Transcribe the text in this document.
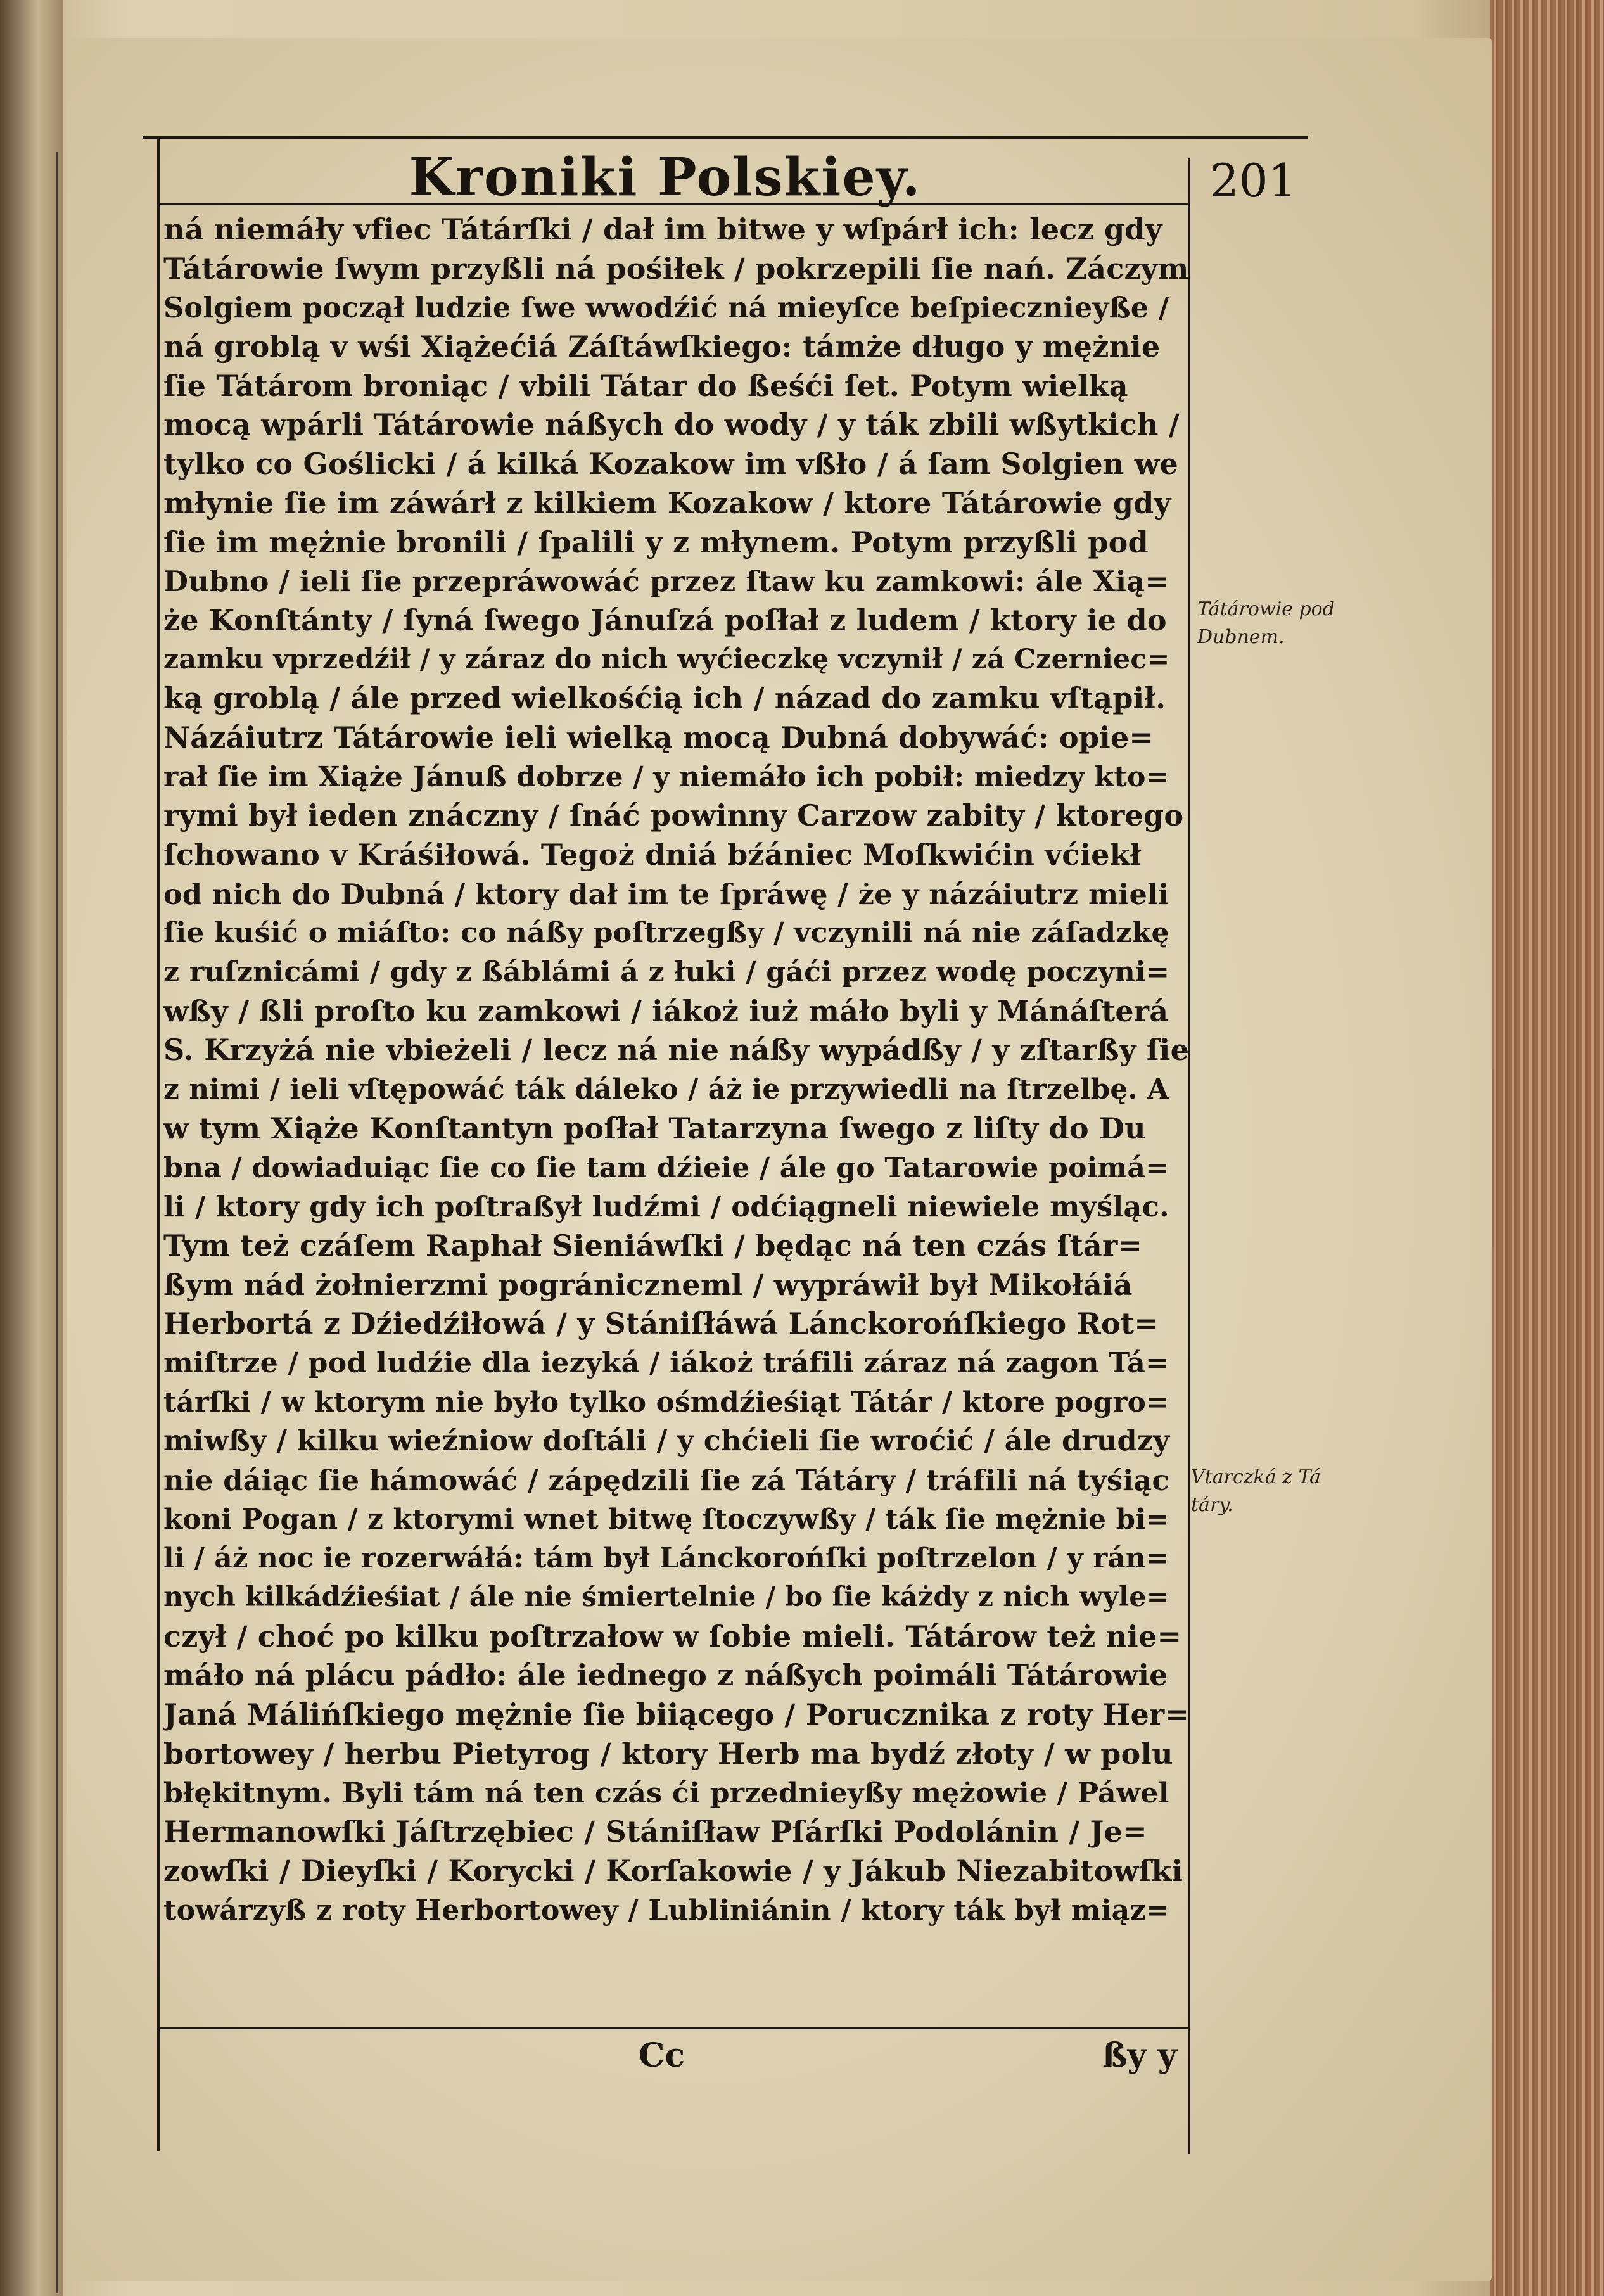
Kroniki Polskiey.	201
ná niemáły vfiec Tátárſki / dał im bitwe y wſpárł ich: lecz gdy
Tátárowie ſwym przyßli ná pośiłek / pokrzepili ſie nań. Záczym
Solgiem począł ludzie ſwe wwodźić ná mieyſce beſpiecznieyße /
ná groblą v wśi Xiążećiá Záſtáwſkiego: támże długo y mężnie
ſie Tátárom broniąc / vbili Tátar do ßeśći ſet. Potym wielką
mocą wpárli Tátárowie náßych do wody / y ták zbili wßytkich /
tylko co Goślicki / á kilká Kozakow im vßło / á ſam Solgien we
młynie ſie im záwárł z kilkiem Kozakow / ktore Tátárowie gdy
ſie im mężnie bronili / ſpalili y z młynem. Potym przyßli pod
Dubno / ieli ſie przepráwowáć przez ſtaw ku zamkowi: ále Xią=
że Konſtánty / ſyná ſwego Jánuſzá poſłał z ludem / ktory ie do
zamku vprzedźił / y záraz do nich wyćieczkę vczynił / zá Czerniec=
ką groblą / ále przed wielkośćią ich / názad do zamku vſtąpił.
Názáiutrz Tátárowie ieli wielką mocą Dubná dobywáć: opie=
rał ſie im Xiąże Jánuß dobrze / y niemáło ich pobił: miedzy kto=
rymi był ieden znáczny / ſnáć powinny Carzow zabity / ktorego
ſchowano v Kráśiłowá. Tegoż dniá bźániec Moſkwićin vćiekł
od nich do Dubná / ktory dał im te ſpráwę / że y názáiutrz mieli
ſie kuśić o miáſto: co náßy poſtrzegßy / vczynili ná nie záſadzkę
z ruſznicámi / gdy z ßáblámi á z łuki / gáći przez wodę poczyni=
wßy / ßli proſto ku zamkowi / iákoż iuż máło byli y Mánáſterá
S. Krzyżá nie vbieżeli / lecz ná nie náßy wypádßy / y zſtarßy ſie
z nimi / ieli vſtępowáć ták dáleko / áż ie przywiedli na ſtrzelbę. A
w tym Xiąże Konſtantyn poſłał Tatarzyna ſwego z liſty do Du
bna / dowiaduiąc ſie co ſie tam dźieie / ále go Tatarowie poimá=
li / ktory gdy ich poſtraßył ludźmi / odćiągneli niewiele myśląc.
Tym też czáſem Raphał Sieniáwſki / będąc ná ten czás ſtár=
ßym nád żołnierzmi pográniczneml / wypráwił był Mikołáiá
Herbortá z Dźiedźiłowá / y Stániſłáwá Lánckorońſkiego Rot=
miſtrze / pod ludźie dla iezyká / iákoż tráfili záraz ná zagon Tá=
tárſki / w ktorym nie było tylko ośmdźieśiąt Tátár / ktore pogro=
miwßy / kilku wieźniow doſtáli / y chćieli ſie wroćić / ále drudzy
nie dáiąc ſie hámowáć / zápędzili ſie zá Tátáry / tráfili ná tyśiąc
koni Pogan / z ktorymi wnet bitwę ſtoczywßy / ták ſie mężnie bi=
li / áż noc ie rozerwáłá: tám był Lánckorońſki poſtrzelon / y rán=
nych kilkádźieśiat / ále nie śmiertelnie / bo ſie káżdy z nich wyle=
czył / choć po kilku poſtrzałow w ſobie mieli. Tátárow też nie=
máło ná plácu pádło: ále iednego z náßych poimáli Tátárowie
Janá Málińſkiego mężnie ſie biiącego / Porucznika z roty Her=
bortowey / herbu Pietyrog / ktory Herb ma bydź złoty / w polu
błękitnym. Byli tám ná ten czás ći przednieyßy mężowie / Páwel
Hermanowſki Jáſtrzębiec / Stániſław Pſárſki Podolánin / Je=
zowſki / Dieyſki / Korycki / Korſakowie / y Jákub Niezabitowſki
towárzyß z roty Herbortowey / Lubliniánin / ktory ták był miąz=
Tátárowie pod Dubnem.
Vtarczká z Tá táry.
Cc	ßy y
